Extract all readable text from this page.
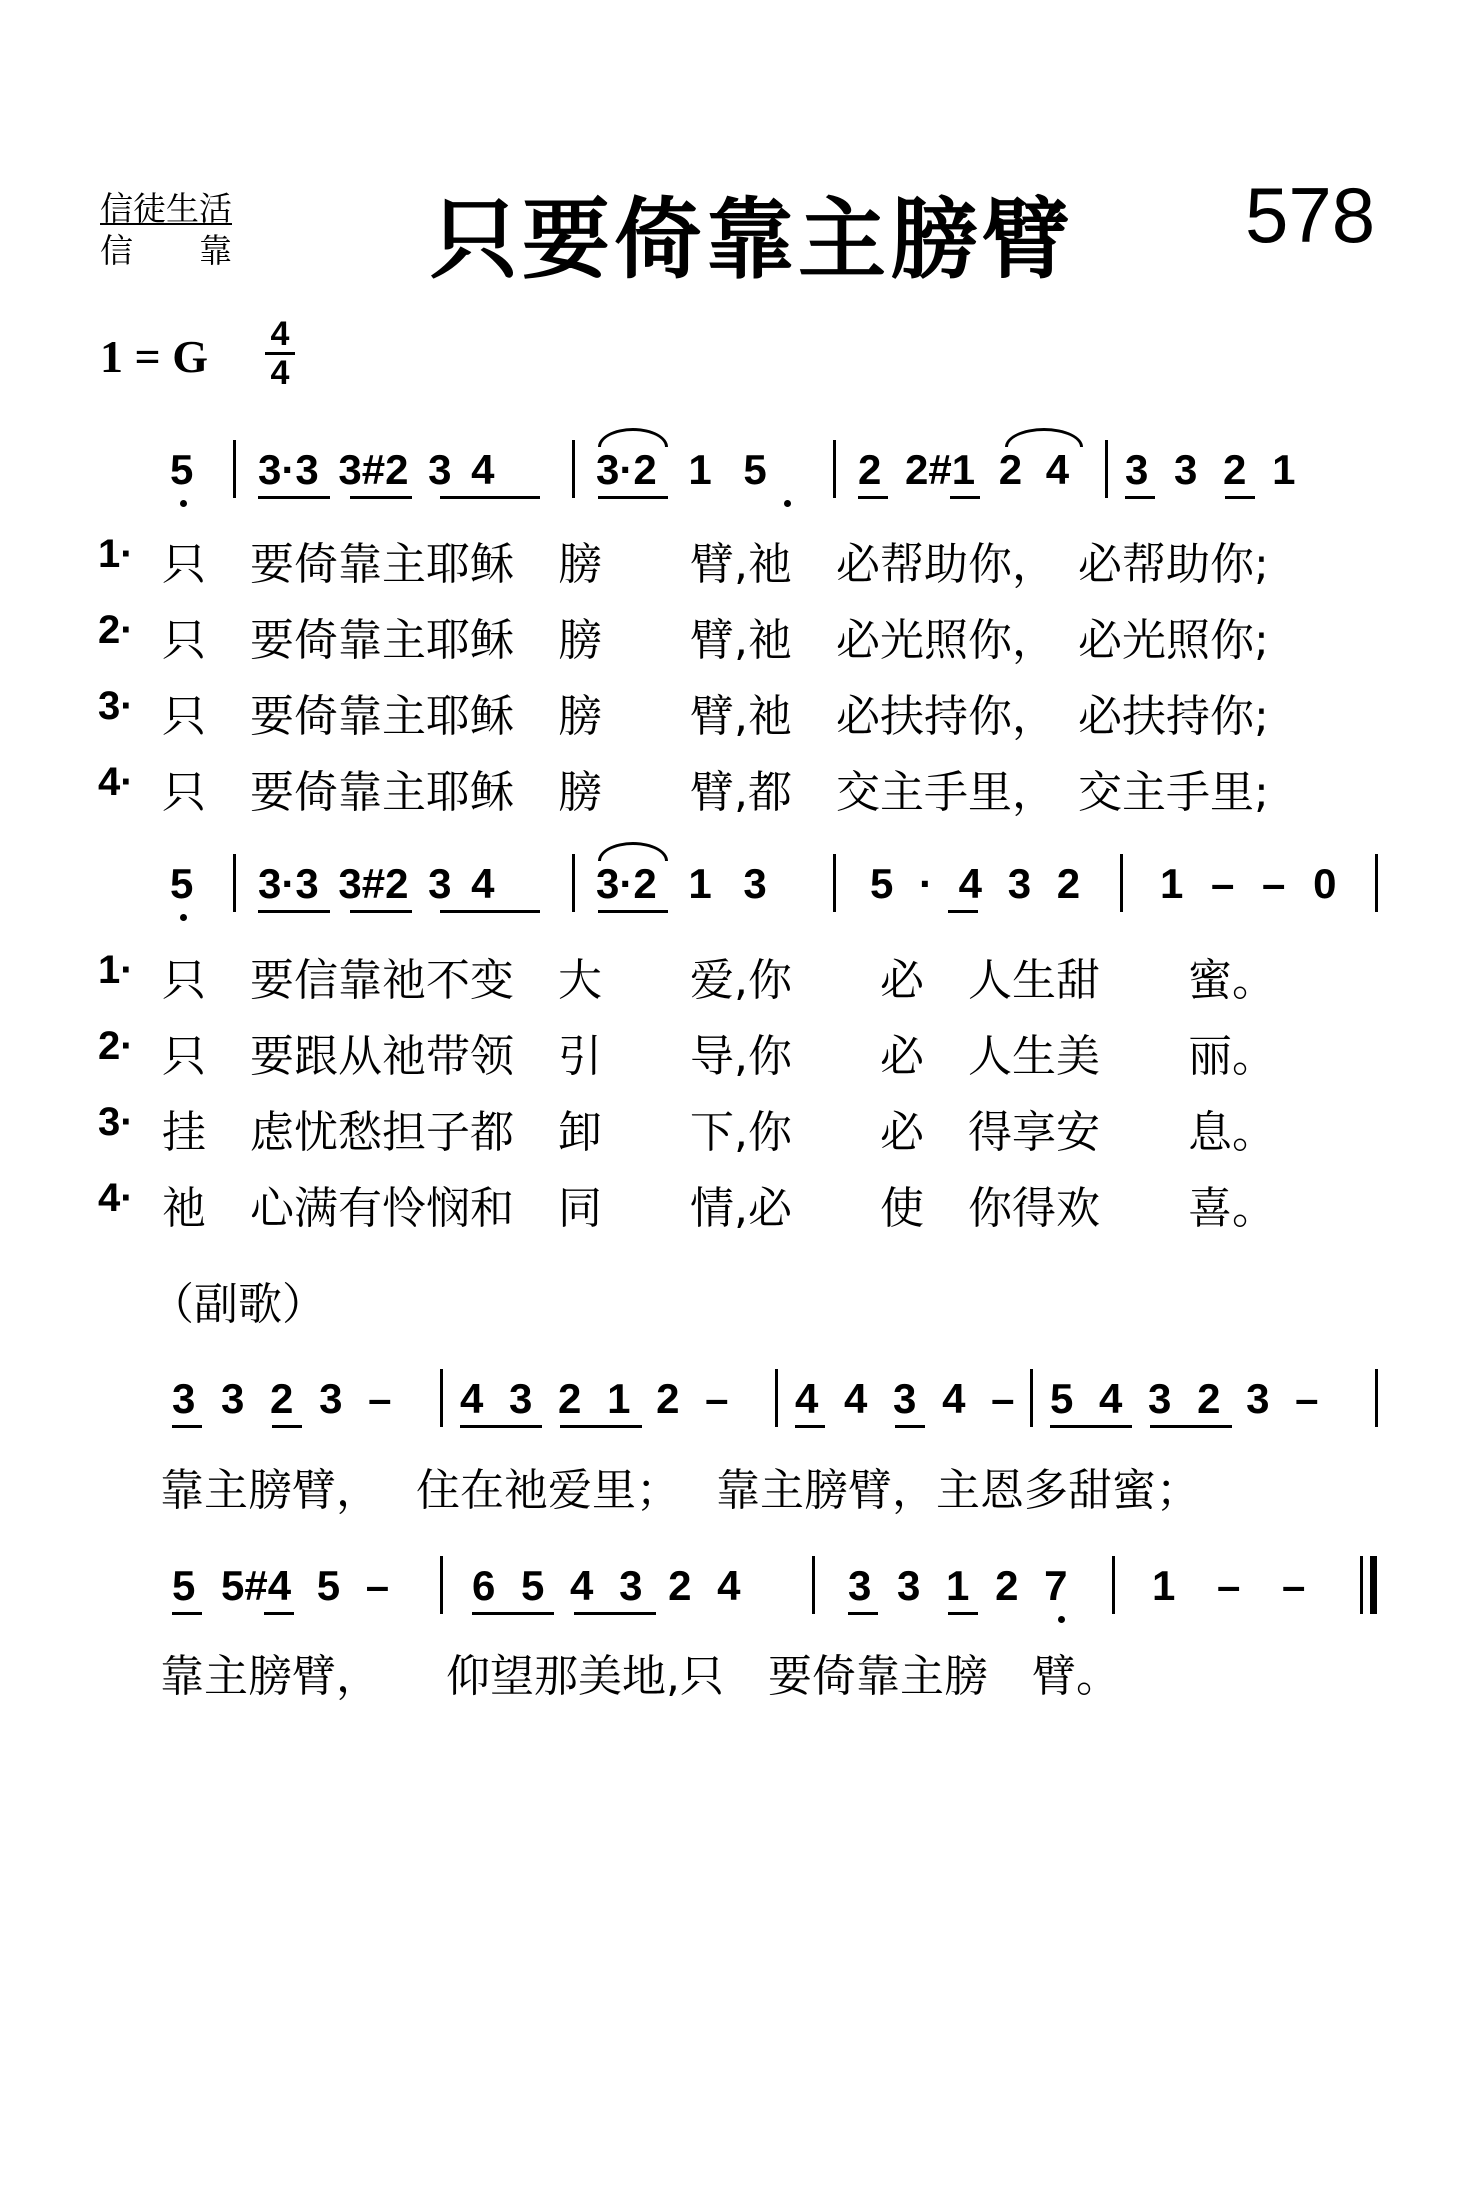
信徒生活
信　　靠 只要倚靠主膀臂 578
1 = G 4
4
5 3·3 3#2 3 4 3·2 1 5 2 2#1 2 4 3 3 2 1
1· 只　要倚靠主耶稣　膀　　臂,祂　必帮助你，　必帮助你;
2· 只　要倚靠主耶稣　膀　　臂,祂　必光照你，　必光照你;
3· 只　要倚靠主耶稣　膀　　臂,祂　必扶持你，　必扶持你;
4· 只　要倚靠主耶稣　膀　　臂,都　交主手里，　交主手里;
5 3·3 3#2 3 4 3·2 1 3 5 · 4 3 2 1 – – 0
1· 只　要信靠祂不变　大　　爱,你　　必　人生甜　　蜜。
2· 只　要跟从祂带领　引　　导,你　　必　人生美　　丽。
3· 挂　虑忧愁担子都　卸　　下,你　　必　得享安　　息。
4· 祂　心满有怜悯和　同　　情,必　　使　你得欢　　喜。
（副歌）
3 3 2 3 – 4 3 2 1 2 – 4 4 3 4 – 5 4 3 2 3 –
靠主膀臂，　 住在祂爱里；　 靠主膀臂，主恩多甜蜜；
5 5#4 5 – 6 5 4 3 2 4	3 3 1 2 7 1 – –
靠主膀臂，　　仰望那美地,只　要倚靠主膀　臂。
